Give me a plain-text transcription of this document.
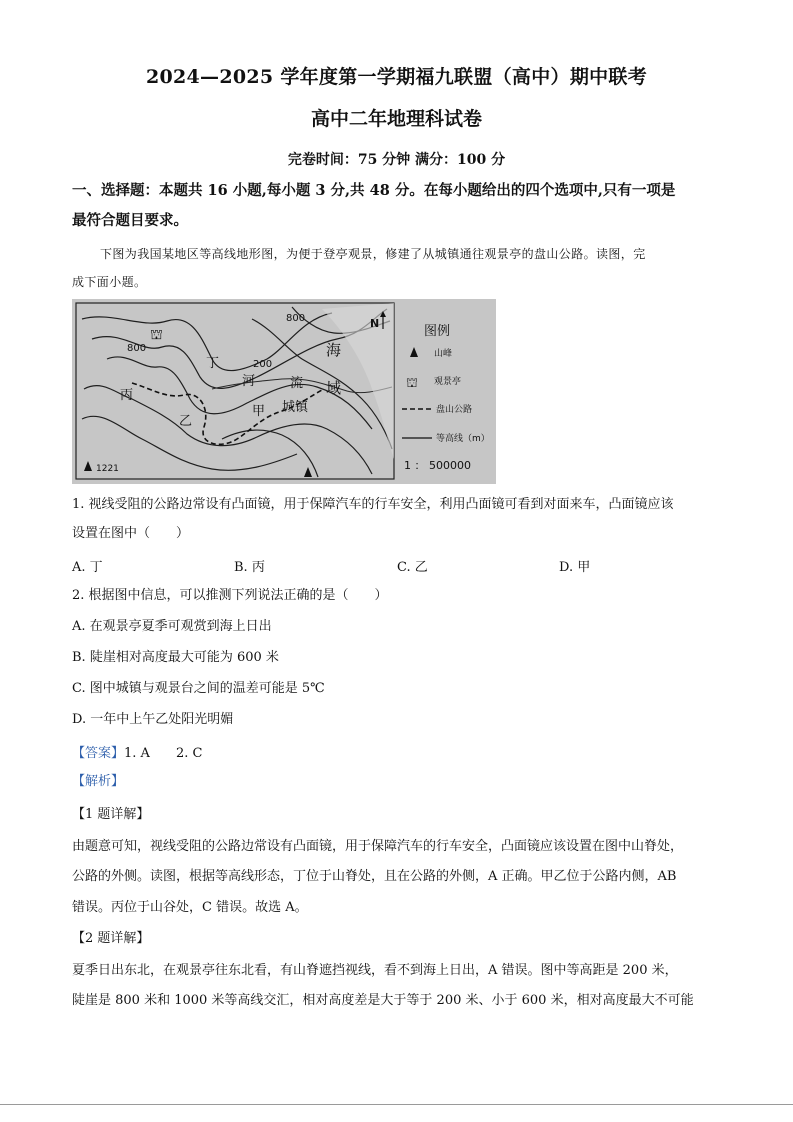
2024—2025 学年度第一学期福九联盟（高中）期中联考
高中二年地理科试卷
完卷时间：75 分钟 满分：100 分
一、选择题：本题共 16 小题,每小题 3 分,共 48 分。在每小题给出的四个选项中,只有一项是
最符合题目要求。
下图为我国某地区等高线地形图，为便于登亭观景，修建了从城镇通往观景亭的盘山公路。读图，完
成下面小题。
⛫
800
800
200
丁
丙
乙
甲
河	流
城镇
海
域
1221
N
图例
山峰
⛫ 观景亭
盘山公路
等高线（m）
1 ： 500000
1. 视线受阻的公路边常设有凸面镜，用于保障汽车的行车安全，利用凸面镜可看到对面来车，凸面镜应该
设置在图中（　　）
A. 丁	B. 丙	C. 乙	D. 甲
2. 根据图中信息，可以推测下列说法正确的是（　　）
A. 在观景亭夏季可观赏到海上日出
B. 陡崖相对高度最大可能为 600 米
C. 图中城镇与观景台之间的温差可能是 5℃
D. 一年中上午乙处阳光明媚
【答案】1. A　　2. C
【解析】
【1 题详解】
由题意可知，视线受阻的公路边常设有凸面镜，用于保障汽车的行车安全，凸面镜应该设置在图中山脊处，
公路的外侧。读图，根据等高线形态，丁位于山脊处，且在公路的外侧，A 正确。甲乙位于公路内侧，AB
错误。丙位于山谷处，C 错误。故选 A。
【2 题详解】
夏季日出东北，在观景亭往东北看，有山脊遮挡视线，看不到海上日出，A 错误。图中等高距是 200 米，
陡崖是 800 米和 1000 米等高线交汇，相对高度差是大于等于 200 米、小于 600 米，相对高度最大不可能
